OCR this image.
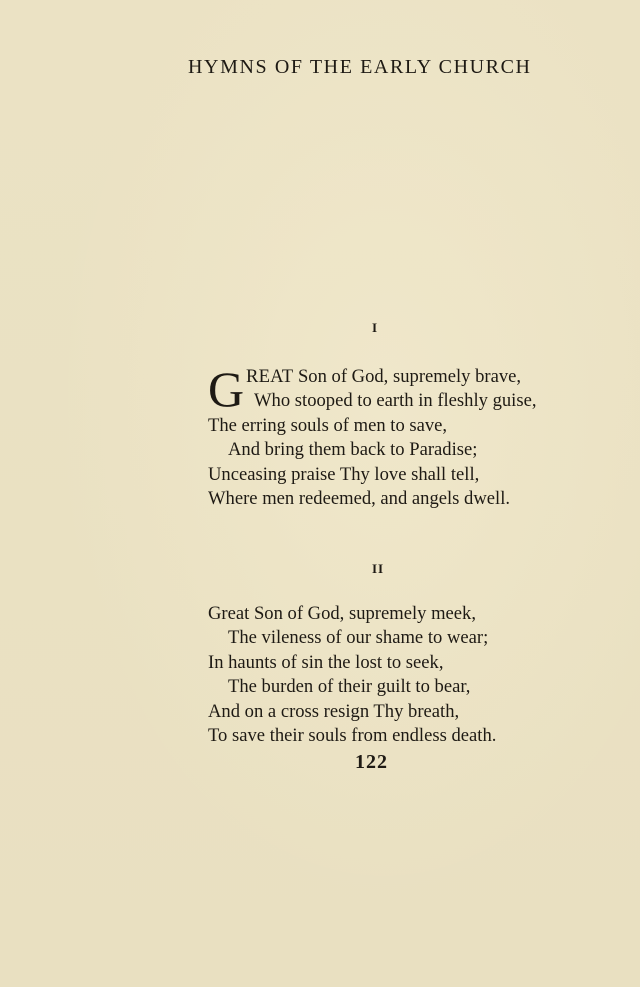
HYMNS OF THE EARLY CHURCH
I
G REAT Son of God, supremely brave,
Who stooped to earth in fleshly guise,
The erring souls of men to save,
And bring them back to Paradise;
Unceasing praise Thy love shall tell,
Where men redeemed, and angels dwell.
II
Great Son of God, supremely meek,
The vileness of our shame to wear;
In haunts of sin the lost to seek,
The burden of their guilt to bear,
And on a cross resign Thy breath,
To save their souls from endless death.
122
